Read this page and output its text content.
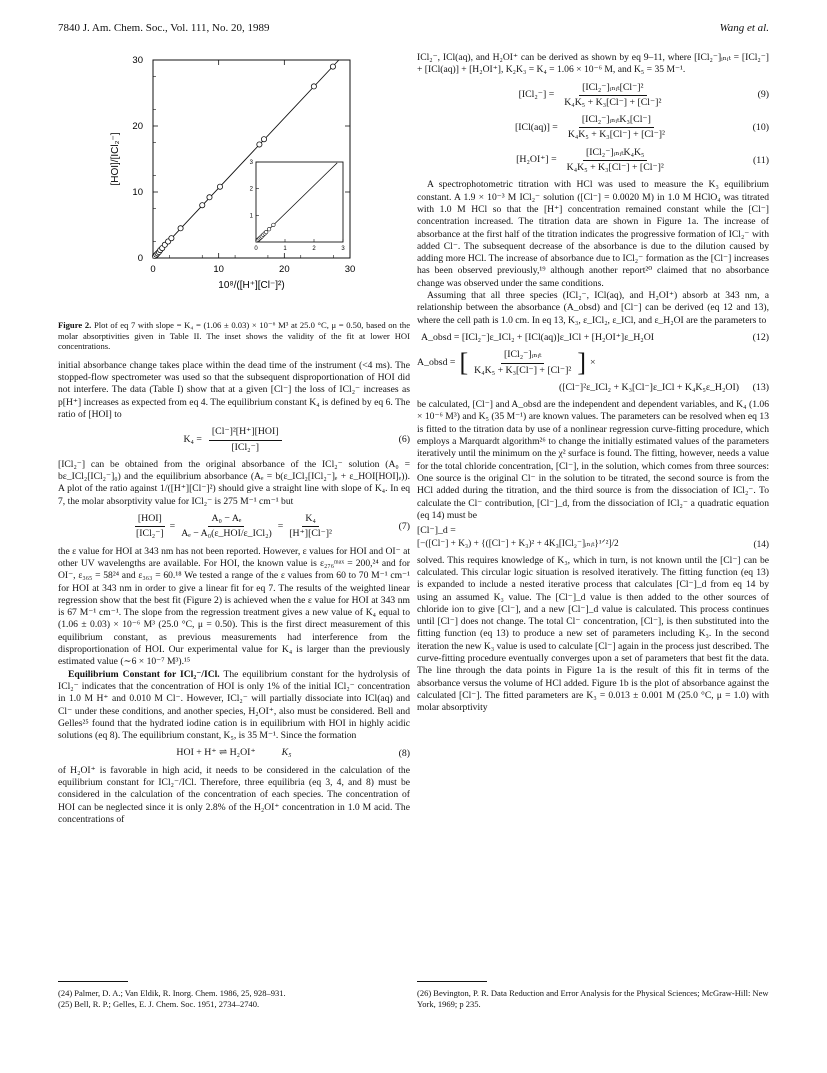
7840 J. Am. Chem. Soc., Vol. 111, No. 20, 1989	Wang et al.
0	10	20	30
0
10
20
30
10⁸/([H⁺][Cl⁻]²)
[HOI]/[ICl₂⁻]
0	1	2	3
1
2
3
Figure 2. Plot of eq 7 with slope = K₄ = (1.06 ± 0.03) × 10⁻⁶ M³ at 25.0 °C, μ = 0.50, based on the molar absorptivities given in Table II. The inset shows the validity of the fit at lower HOI concentrations.

initial absorbance change takes place within the dead time of the instrument (<4 ms). The stopped-flow spectrometer was used so that the subsequent disproportionation of HOI did not interfere. The data (Table I) show that at a given [Cl⁻] the loss of ICl₂⁻ increases as p[H⁺] increases as expected from eq 4. The equilibrium constant K₄ is defined by eq 6. The ratio of [HOI] to

$K_4 = \frac{\text{[Cl⁻]²[H⁺][HOI]}}{\text{[ICl₂⁻]}}$	(6)

[ICl₂⁻] can be obtained from the original absorbance of the ICl₂⁻ solution (A₀ = bε_ICl₂[ICl₂⁻]₀) and the equilibrium absorbance (Aₑ = b(ε_ICl₂[ICl₂⁻]ₑ + ε_HOI[HOI]ₑ)). A plot of the ratio against 1/([H⁺][Cl⁻]²) should give a straight line with slope of K₄. In eq 7, the molar absorptivity value for ICl₂⁻ is 275 M⁻¹ cm⁻¹ but

$\frac{\text{[HOI]}}{\text{[ICl₂⁻]}} = \frac{\text{A₀ − Aₑ}}{\text{Aₑ − A₀(ε\_HOI/ε\_ICl₂)}} = \frac{\text{K₄}}{\text{[H⁺][Cl⁻]²}}$	(7)

the ε value for HOI at 343 nm has not been reported. However, ε values for HOI and OI⁻ at other UV wavelengths are available. For HOI, the known value is ε₂₇₆ᵐᵃˣ = 200,²⁴ and for OI⁻, ε₃₆₅ = 58²⁴ and ε₃₆₃ = 60.¹⁸ We tested a range of the ε values from 60 to 70 M⁻¹ cm⁻¹ for HOI at 343 nm in order to give a linear fit for eq 7. The results of the weighted linear regression show that the best fit (Figure 2) is achieved when the ε value for HOI at 343 nm is 67 M⁻¹ cm⁻¹. The slope from the regression treatment gives a new value of K₄ equal to (1.06 ± 0.03) × 10⁻⁶ M³ (25.0 °C, μ = 0.50). This is the first direct measurement of this equilibrium constant, as previous measurements had interference from the disproportionation of HOI. Our experimental value for K₄ is larger than the previously estimated value (∼6 × 10⁻⁷ M³).¹⁵

Equilibrium Constant for ICl₂⁻/ICl. The equilibrium constant for the hydrolysis of ICl₂⁻ indicates that the concentration of HOI is only 1% of the initial ICl₂⁻ concentration in 1.0 M H⁺ and 0.010 M Cl⁻. However, ICl₂⁻ will partially dissociate into ICl(aq) and Cl⁻ under these conditions, and another species, H₂OI⁺, also must be considered. Bell and Gelles²⁵ found that the hydrated iodine cation is in equilibrium with HOI in highly acidic solutions (eq 8). The equilibrium constant, K₅, is 35 M⁻¹. Since the formation

HOI + H⁺ ⇌ H₂OI⁺	K₅	(8)

of H₂OI⁺ is favorable in high acid, it needs to be considered in the calculation of the equilibrium constant for ICl₂⁻/ICl. Therefore, three equilibria (eq 3, 4, and 8) must be considered in the calculation of the concentration of each species. The concentration of HOI can be neglected since it is only 2.8% of the H₂OI⁺ concentration in 1.0 M acid. The concentrations of

ICl₂⁻, ICl(aq), and H₂OI⁺ can be derived as shown by eq 9–11, where [ICl₂⁻]ᵢₙᵢₜ = [ICl₂⁻] + [ICl(aq)] + [H₂OI⁺], K₂K₃ = K₄ = 1.06 × 10⁻⁶ M, and K₅ = 35 M⁻¹.

$[ICl_2^-] = \frac{\text{[ICl₂⁻]ᵢₙᵢₜ[Cl⁻]²}}{\text{K₄K₅ + K₃[Cl⁻] + [Cl⁻]²}}$	(9)
$[ICl(aq)] = \frac{\text{[ICl₂⁻]ᵢₙᵢₜK₃[Cl⁻]}}{\text{K₄K₅ + K₃[Cl⁻] + [Cl⁻]²}}$	(10)
$[H_2OI^+] = \frac{\text{[ICl₂⁻]ᵢₙᵢₜK₄K₅}}{\text{K₄K₅ + K₃[Cl⁻] + [Cl⁻]²}}$	(11)

A spectrophotometric titration with HCl was used to measure the K₃ equilibrium constant. A 1.9 × 10⁻³ M ICl₂⁻ solution ([Cl⁻] = 0.0020 M) in 1.0 M HClO₄ was titrated with 1.0 M HCl so that the [H⁺] concentration remained constant while the [Cl⁻] concentration increased. The titration data are shown in Figure 1a. The increase of absorbance at the first half of the titration indicates the progressive formation of ICl₂⁻ with added Cl⁻. The subsequent decrease of the absorbance is due to the dilution caused by adding more HCl. The increase of absorbance due to ICl₂⁻ formation as the [Cl⁻] increases has been observed previously,¹⁹ although another report²⁰ claimed that no absorbance change was observed under the same conditions.

Assuming that all three species (ICl₂⁻, ICl(aq), and H₂OI⁺) absorb at 343 nm, a relationship between the absorbance (A_obsd) and [Cl⁻] can be derived (eq 12 and 13), where the cell path is 1.0 cm. In eq 13, K₃, ε_ICl₂, ε_ICl, and ε_H₂OI are the parameters to

A_obsd = [ICl₂⁻]ε_ICl₂ + [ICl(aq)]ε_ICl + [H₂OI⁺]ε_H₂OI	(12)
A_obsd = [ $\frac{\text{[ICl₂⁻]ᵢₙᵢₜ}}{\text{K₄K₅ + K₃[Cl⁻] + [Cl⁻]²}}$ ] ×
([Cl⁻]²ε_ICl₂ + K₃[Cl⁻]ε_ICl + K₄K₅ε_H₂OI) (13)

be calculated, [Cl⁻] and A_obsd are the independent and dependent variables, and K₄ (1.06 × 10⁻⁶ M³) and K₅ (35 M⁻¹) are known values. The parameters can be resolved when eq 13 is fitted to the titration data by use of a nonlinear regression curve-fitting procedure, which employs a Marquardt algorithm²⁶ to change the initially estimated values of the parameters iteratively until the minimum on the χ² surface is found. The fitting, however, needs a value for the total chloride concentration, [Cl⁻], in the solution, which comes from three sources: One source is the original Cl⁻ in the solution to be titrated, the second source is from the HCl added during the titration, and the third source is from the dissociation of ICl₂⁻. To calculate the Cl⁻ contribution, [Cl⁻]_d, from the dissociation of ICl₂⁻ a quadratic equation (eq 14) must be

[Cl⁻]_d =
[−([Cl⁻] + K₃) + {([Cl⁻] + K₃)² + 4K₃[ICl₂⁻]ᵢₙᵢₜ}¹ᐟ²]/2	(14)

solved. This requires knowledge of K₃, which in turn, is not known until the [Cl⁻] can be calculated. This circular logic situation is resolved iteratively. The fitting function (eq 13) is expanded to include a nested iterative process that calculates [Cl⁻]_d from eq 14 by using an assumed K₃ value. The [Cl⁻]_d value is then added to the other sources of chloride ion to give [Cl⁻], and a new [Cl⁻]_d value is calculated. This process continues until [Cl⁻] does not change. The total Cl⁻ concentration, [Cl⁻], is then substituted into the fitting function (eq 13) to produce a new set of parameters including K₃. In the second iteration the new K₃ value is used to calculate [Cl⁻] again in the process just described. The curve-fitting procedure eventually converges upon a set of parameters that best fit the data. The line through the data points in Figure 1a is the result of this fit in terms of the absorbance versus the volume of HCl added. Figure 1b is the plot of absorbance against the calculated [Cl⁻]. The fitted parameters are K₃ = 0.013 ± 0.001 M (25.0 °C, μ = 1.0) with molar absorptivity

(24) Palmer, D. A.; Van Eldik, R. Inorg. Chem. 1986, 25, 928–931.
(25) Bell, R. P.; Gelles, E. J. Chem. Soc. 1951, 2734–2740.
(26) Bevington, P. R. Data Reduction and Error Analysis for the Physical Sciences; McGraw-Hill: New York, 1969; p 235.
